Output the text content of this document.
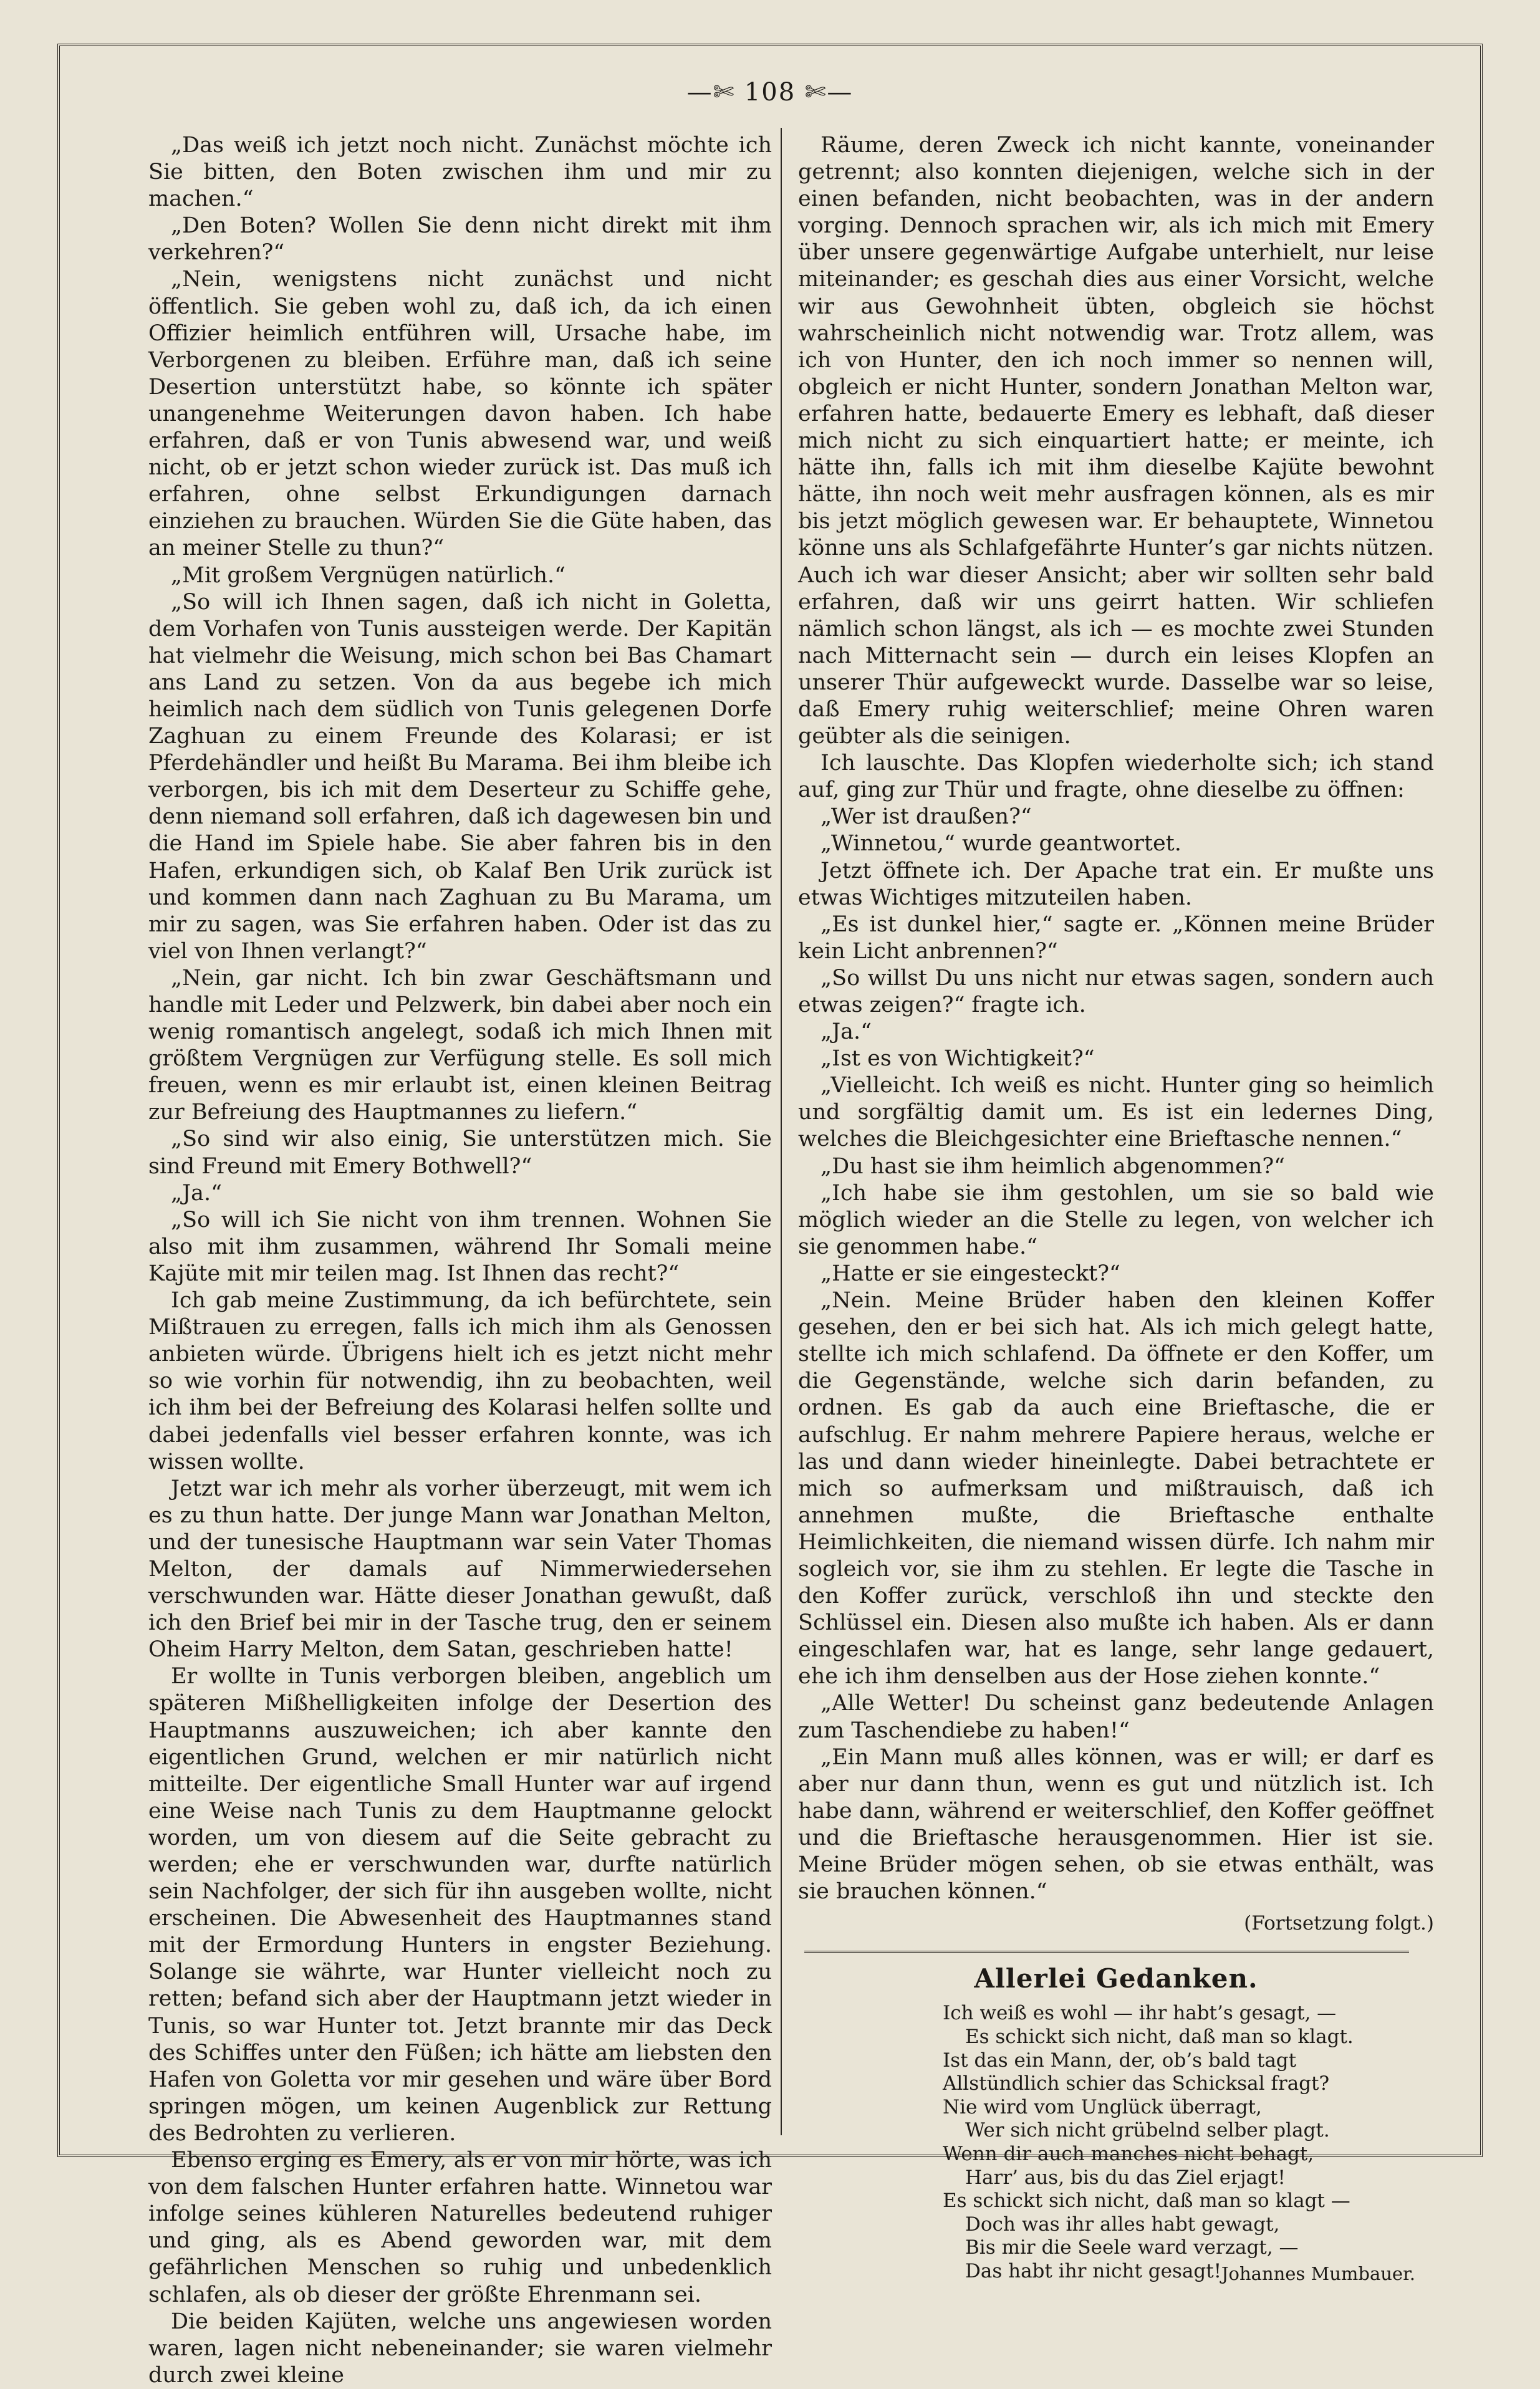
—✄ 108 ✄—

„Das weiß ich jetzt noch nicht. Zunächst möchte ich Sie bitten, den Boten zwischen ihm und mir zu machen.“

„Den Boten? Wollen Sie denn nicht direkt mit ihm verkehren?“

„Nein, wenigstens nicht zunächst und nicht öffentlich. Sie geben wohl zu, daß ich, da ich einen Offizier heimlich entführen will, Ursache habe, im Verborgenen zu bleiben. Erführe man, daß ich seine Desertion unterstützt habe, so könnte ich später unangenehme Weiterungen davon haben. Ich habe erfahren, daß er von Tunis abwesend war, und weiß nicht, ob er jetzt schon wieder zurück ist. Das muß ich erfahren, ohne selbst Erkundigungen darnach einziehen zu brauchen. Würden Sie die Güte haben, das an meiner Stelle zu thun?“

„Mit großem Vergnügen natürlich.“

„So will ich Ihnen sagen, daß ich nicht in Goletta, dem Vorhafen von Tunis aussteigen werde. Der Kapitän hat vielmehr die Weisung, mich schon bei Bas Chamart ans Land zu setzen. Von da aus begebe ich mich heimlich nach dem südlich von Tunis gelegenen Dorfe Zaghuan zu einem Freunde des Kolarasi; er ist Pferdehändler und heißt Bu Marama. Bei ihm bleibe ich verborgen, bis ich mit dem Deserteur zu Schiffe gehe, denn niemand soll erfahren, daß ich dagewesen bin und die Hand im Spiele habe. Sie aber fahren bis in den Hafen, erkundigen sich, ob Kalaf Ben Urik zurück ist und kommen dann nach Zaghuan zu Bu Marama, um mir zu sagen, was Sie erfahren haben. Oder ist das zu viel von Ihnen verlangt?“

„Nein, gar nicht. Ich bin zwar Geschäftsmann und handle mit Leder und Pelzwerk, bin dabei aber noch ein wenig romantisch angelegt, sodaß ich mich Ihnen mit größtem Vergnügen zur Verfügung stelle. Es soll mich freuen, wenn es mir erlaubt ist, einen kleinen Beitrag zur Befreiung des Hauptmannes zu liefern.“

„So sind wir also einig, Sie unterstützen mich. Sie sind Freund mit Emery Bothwell?“

„Ja.“

„So will ich Sie nicht von ihm trennen. Wohnen Sie also mit ihm zusammen, während Ihr Somali meine Kajüte mit mir teilen mag. Ist Ihnen das recht?“

Ich gab meine Zustimmung, da ich befürchtete, sein Mißtrauen zu erregen, falls ich mich ihm als Genossen anbieten würde. Übrigens hielt ich es jetzt nicht mehr so wie vorhin für notwendig, ihn zu beobachten, weil ich ihm bei der Befreiung des Kolarasi helfen sollte und dabei jedenfalls viel besser erfahren konnte, was ich wissen wollte.

Jetzt war ich mehr als vorher überzeugt, mit wem ich es zu thun hatte. Der junge Mann war Jonathan Melton, und der tunesische Hauptmann war sein Vater Thomas Melton, der damals auf Nimmerwiedersehen verschwunden war. Hätte dieser Jonathan gewußt, daß ich den Brief bei mir in der Tasche trug, den er seinem Oheim Harry Melton, dem Satan, geschrieben hatte!

Er wollte in Tunis verborgen bleiben, angeblich um späteren Mißhelligkeiten infolge der Desertion des Hauptmanns auszuweichen; ich aber kannte den eigentlichen Grund, welchen er mir natürlich nicht mitteilte. Der eigentliche Small Hunter war auf irgend eine Weise nach Tunis zu dem Hauptmanne gelockt worden, um von diesem auf die Seite gebracht zu werden; ehe er verschwunden war, durfte natürlich sein Nachfolger, der sich für ihn ausgeben wollte, nicht erscheinen. Die Abwesenheit des Hauptmannes stand mit der Ermordung Hunters in engster Beziehung. Solange sie währte, war Hunter vielleicht noch zu retten; befand sich aber der Hauptmann jetzt wieder in Tunis, so war Hunter tot. Jetzt brannte mir das Deck des Schiffes unter den Füßen; ich hätte am liebsten den Hafen von Goletta vor mir gesehen und wäre über Bord springen mögen, um keinen Augenblick zur Rettung des Bedrohten zu verlieren.

Ebenso erging es Emery, als er von mir hörte, was ich von dem falschen Hunter erfahren hatte. Winnetou war infolge seines kühleren Naturelles bedeutend ruhiger und ging, als es Abend geworden war, mit dem gefährlichen Menschen so ruhig und unbedenklich schlafen, als ob dieser der größte Ehrenmann sei.

Die beiden Kajüten, welche uns angewiesen worden waren, lagen nicht nebeneinander; sie waren vielmehr durch zwei kleine

Räume, deren Zweck ich nicht kannte, voneinander getrennt; also konnten diejenigen, welche sich in der einen befanden, nicht beobachten, was in der andern vorging. Dennoch sprachen wir, als ich mich mit Emery über unsere gegenwärtige Aufgabe unterhielt, nur leise miteinander; es geschah dies aus einer Vorsicht, welche wir aus Gewohnheit übten, obgleich sie höchst wahrscheinlich nicht notwendig war. Trotz allem, was ich von Hunter, den ich noch immer so nennen will, obgleich er nicht Hunter, sondern Jonathan Melton war, erfahren hatte, bedauerte Emery es lebhaft, daß dieser mich nicht zu sich einquartiert hatte; er meinte, ich hätte ihn, falls ich mit ihm dieselbe Kajüte bewohnt hätte, ihn noch weit mehr ausfragen können, als es mir bis jetzt möglich gewesen war. Er behauptete, Winnetou könne uns als Schlafgefährte Hunter’s gar nichts nützen. Auch ich war dieser Ansicht; aber wir sollten sehr bald erfahren, daß wir uns geirrt hatten. Wir schliefen nämlich schon längst, als ich — es mochte zwei Stunden nach Mitternacht sein — durch ein leises Klopfen an unserer Thür aufgeweckt wurde. Dasselbe war so leise, daß Emery ruhig weiterschlief; meine Ohren waren geübter als die seinigen.

Ich lauschte. Das Klopfen wiederholte sich; ich stand auf, ging zur Thür und fragte, ohne dieselbe zu öffnen:

„Wer ist draußen?“

„Winnetou,“ wurde geantwortet.

Jetzt öffnete ich. Der Apache trat ein. Er mußte uns etwas Wichtiges mitzuteilen haben.

„Es ist dunkel hier,“ sagte er. „Können meine Brüder kein Licht anbrennen?“

„So willst Du uns nicht nur etwas sagen, sondern auch etwas zeigen?“ fragte ich.

„Ja.“

„Ist es von Wichtigkeit?“

„Vielleicht. Ich weiß es nicht. Hunter ging so heimlich und sorgfältig damit um. Es ist ein ledernes Ding, welches die Bleichgesichter eine Brieftasche nennen.“

„Du hast sie ihm heimlich abgenommen?“

„Ich habe sie ihm gestohlen, um sie so bald wie möglich wieder an die Stelle zu legen, von welcher ich sie genommen habe.“

„Hatte er sie eingesteckt?“

„Nein. Meine Brüder haben den kleinen Koffer gesehen, den er bei sich hat. Als ich mich gelegt hatte, stellte ich mich schlafend. Da öffnete er den Koffer, um die Gegenstände, welche sich darin befanden, zu ordnen. Es gab da auch eine Brieftasche, die er aufschlug. Er nahm mehrere Papiere heraus, welche er las und dann wieder hineinlegte. Dabei betrachtete er mich so aufmerksam und mißtrauisch, daß ich annehmen mußte, die Brieftasche enthalte Heimlichkeiten, die niemand wissen dürfe. Ich nahm mir sogleich vor, sie ihm zu stehlen. Er legte die Tasche in den Koffer zurück, verschloß ihn und steckte den Schlüssel ein. Diesen also mußte ich haben. Als er dann eingeschlafen war, hat es lange, sehr lange gedauert, ehe ich ihm denselben aus der Hose ziehen konnte.“

„Alle Wetter! Du scheinst ganz bedeutende Anlagen zum Taschendiebe zu haben!“

„Ein Mann muß alles können, was er will; er darf es aber nur dann thun, wenn es gut und nützlich ist. Ich habe dann, während er weiterschlief, den Koffer geöffnet und die Brieftasche herausgenommen. Hier ist sie. Meine Brüder mögen sehen, ob sie etwas enthält, was sie brauchen können.“

(Fortsetzung folgt.)
Allerlei Gedanken.
Ich weiß es wohl — ihr habt’s gesagt, —
Es schickt sich nicht, daß man so klagt.
Ist das ein Mann, der, ob’s bald tagt
Allstündlich schier das Schicksal fragt?
Nie wird vom Unglück überragt,
Wer sich nicht grübelnd selber plagt.
Wenn dir auch manches nicht behagt,
Harr’ aus, bis du das Ziel erjagt!
Es schickt sich nicht, daß man so klagt —
Doch was ihr alles habt gewagt,
Bis mir die Seele ward verzagt, —
Das habt ihr nicht gesagt! Johannes Mumbauer.
